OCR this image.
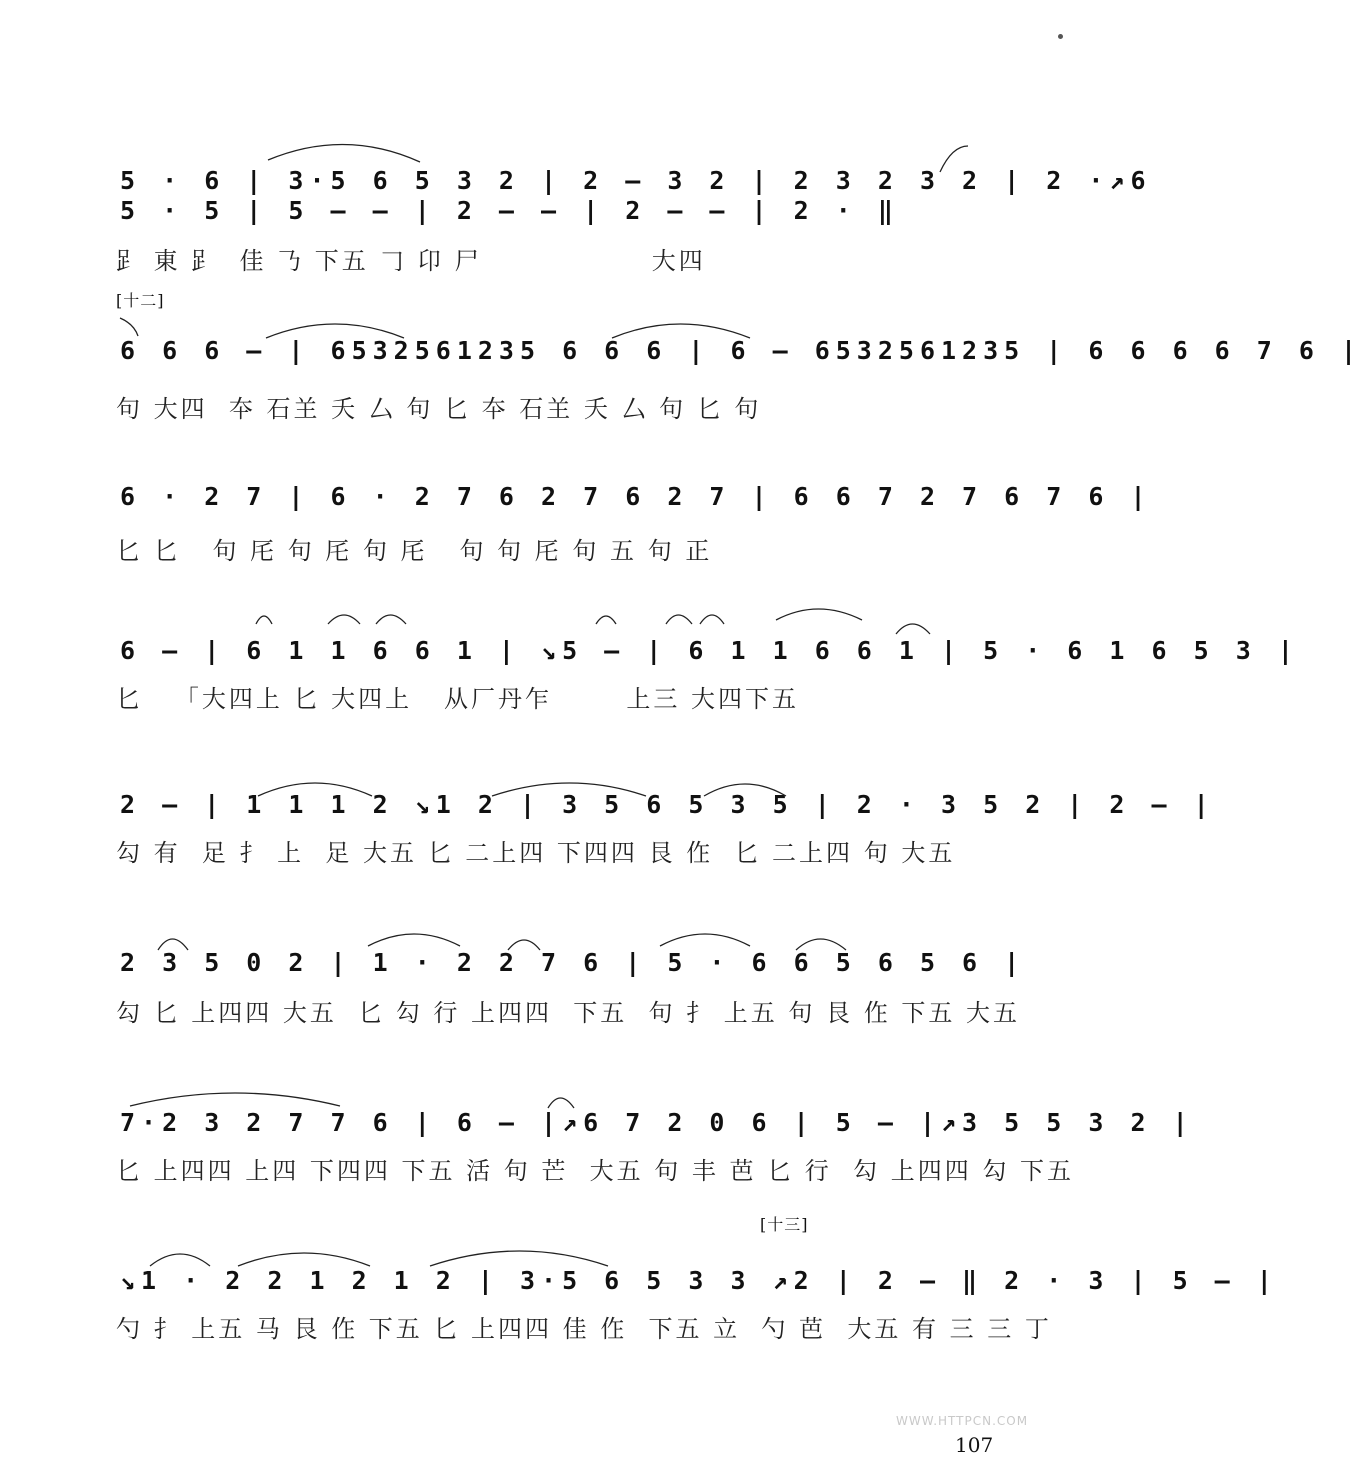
5 · 6 | 3·5 6 5 3 2 | 2 — 3 2 | 2 3 2 3 2 | 2 ·↗6
5 · 5 | 5 — — | 2 — — | 2 — — | 2 · ‖
𧾷 東 𧾷  佳 𠄎 下五 𠃌 卬 尸                大四
[十二]
6 6 6 — | 6532561235 6 6 6 | 6 — 6532561235 | 6 6 6 6 7 6 |
句 大四  夲 石𦍌 夭 厶 句 匕 夲 石𦍌 夭 厶 句 匕 句
6 · 2 7 | 6 · 2 7 6 2 7 6 2 7 | 6 6 7 2 7 6 7 6 |
匕 匕   句 厇 句 厇 句 厇   句 句 厇 句 五 句 正
6 — | 6 1 1 6 6 1 | ↘5 — | 6 1 1 6 6 1 | 5 · 6 1 6 5 3 |
匕   「大四上 匕 大四上   从厂丹乍       上三 大四下五
2 — | 1 1 1 2 ↘1 2 | 3 5 6 5 3 5 | 2 · 3 5 2 | 2 — |
勾 有  足 扌 上  足 大五 匕 二上四 下四四 艮 㑅  匕 二上四 句 大五
2 3 5 0 2 | 1 · 2 2 7 6 | 5 · 6 6 5 6 5 6 |
勾 匕 上四四 大五  匕 勾 行 上四四  下五  句 扌 上五 句 艮 㑅 下五 大五
7·2 3 2 7 7 6 | 6 — |↗6 7 2 0 6 | 5 — |↗3 5 5 3 2 |
匕 上四四 上四 下四四 下五 活 句 芒  大五 句 丰 芭 匕 行  勾 上四四 勾 下五
[十三]
↘1 · 2 2 1 2 1 2 | 3·5 6 5 3 3 ↗2 | 2 — ‖ 2 · 3 | 5 — |
勺 扌 上五 马 艮 㑅 下五 匕 上四四 佳 㑅  下五 立  勺 芭  大五 有 三 三 丁
107
WWW.HTTPCN.COM
